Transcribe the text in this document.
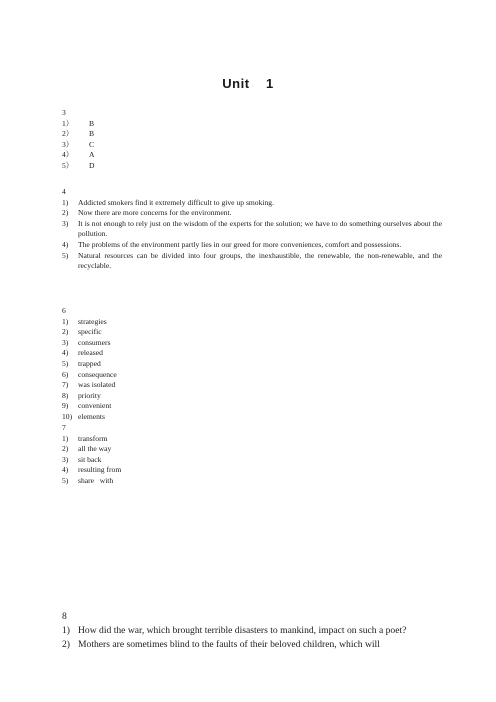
Unit    1
3
1）	B
2）	B
3）	C
4）	A
5）	D
4
1)	Addicted smokers find it extremely difficult to give up smoking.
2)	Now there are more concerns for the environment.
3)	It is not enough to rely just on the wisdom of the experts for the solution; we have to do something ourselves about the pollution.
4)	The problems of the environment partly lies in our greed for more conveniences, comfort and possessions.
5)	Natural resources can be divided into four groups, the inexhaustible, the renewable, the non-renewable, and the recyclable.
6
1)	strategies
2)	specific
3)	consumers
4)	released
5)	trapped
6)	consequence
7)	was isolated
8)	priority
9)	convenient
10) elements
7
1)	transform
2)	all the way
3)	sit back
4)	resulting from
5)	share   with
8
1) How did the war, which brought terrible disasters to mankind, impact on such a poet?
2) Mothers are sometimes blind to the faults of their beloved children, which will
